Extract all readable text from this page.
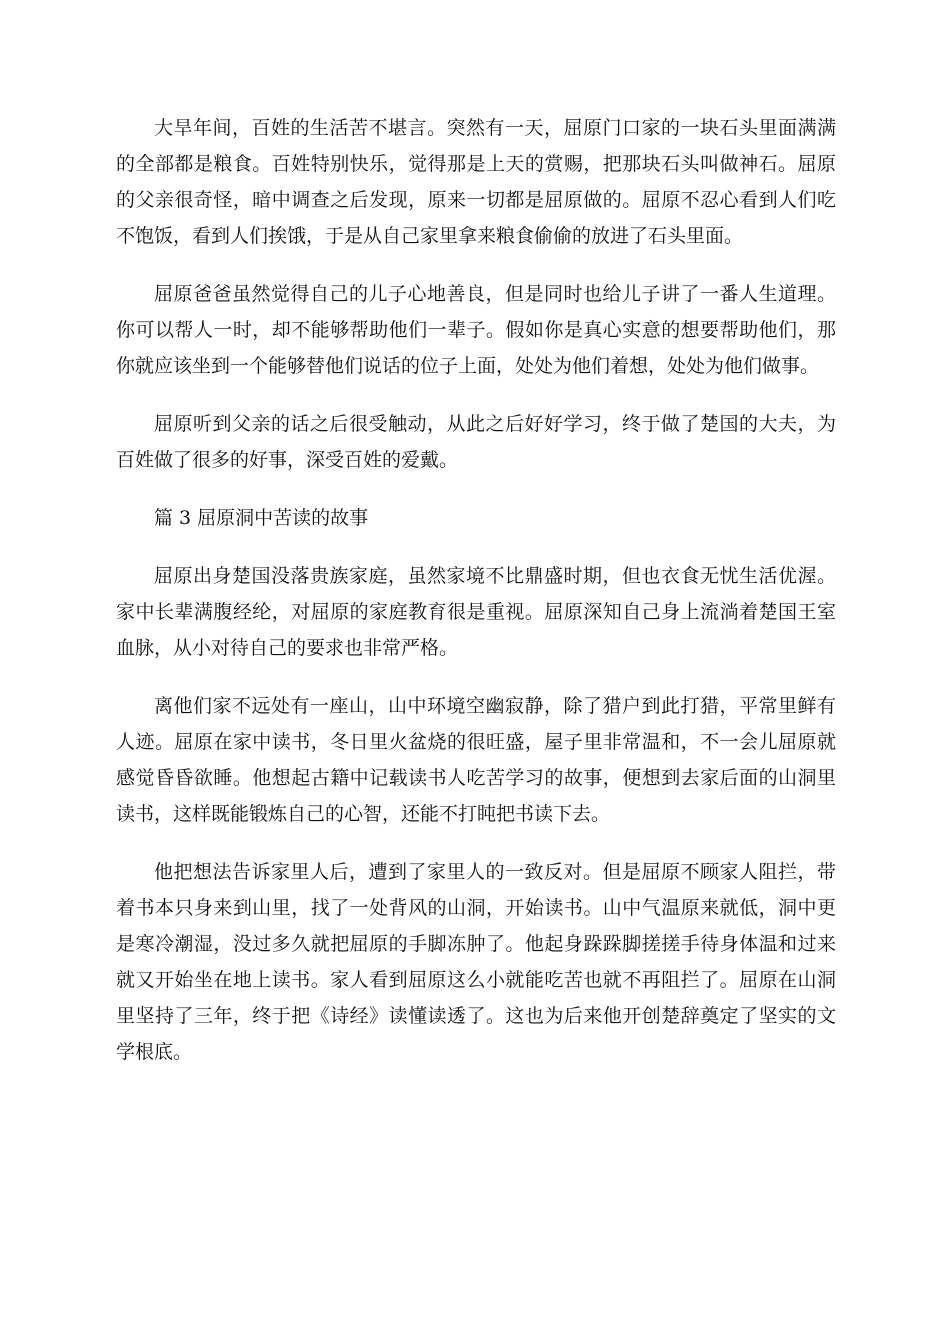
大旱年间，百姓的生活苦不堪言。突然有一天，屈原门口家的一块石头里面满满的全部都是粮食。百姓特别快乐，觉得那是上天的赏赐，把那块石头叫做神石。屈原的父亲很奇怪，暗中调查之后发现，原来一切都是屈原做的。屈原不忍心看到人们吃不饱饭，看到人们挨饿，于是从自己家里拿来粮食偷偷的放进了石头里面。

屈原爸爸虽然觉得自己的儿子心地善良，但是同时也给儿子讲了一番人生道理。你可以帮人一时，却不能够帮助他们一辈子。假如你是真心实意的想要帮助他们，那你就应该坐到一个能够替他们说话的位子上面，处处为他们着想，处处为他们做事。

屈原听到父亲的话之后很受触动，从此之后好好学习，终于做了楚国的大夫，为百姓做了很多的好事，深受百姓的爱戴。

篇 3 屈原洞中苦读的故事

屈原出身楚国没落贵族家庭，虽然家境不比鼎盛时期，但也衣食无忧生活优渥。家中长辈满腹经纶，对屈原的家庭教育很是重视。屈原深知自己身上流淌着楚国王室血脉，从小对待自己的要求也非常严格。

离他们家不远处有一座山，山中环境空幽寂静，除了猎户到此打猎，平常里鲜有人迹。屈原在家中读书，冬日里火盆烧的很旺盛，屋子里非常温和，不一会儿屈原就感觉昏昏欲睡。他想起古籍中记载读书人吃苦学习的故事，便想到去家后面的山洞里读书，这样既能锻炼自己的心智，还能不打盹把书读下去。

他把想法告诉家里人后，遭到了家里人的一致反对。但是屈原不顾家人阻拦，带着书本只身来到山里，找了一处背风的山洞，开始读书。山中气温原来就低，洞中更是寒冷潮湿，没过多久就把屈原的手脚冻肿了。他起身跺跺脚搓搓手待身体温和过来就又开始坐在地上读书。家人看到屈原这么小就能吃苦也就不再阻拦了。屈原在山洞里坚持了三年，终于把《诗经》读懂读透了。这也为后来他开创楚辞奠定了坚实的文学根底。
